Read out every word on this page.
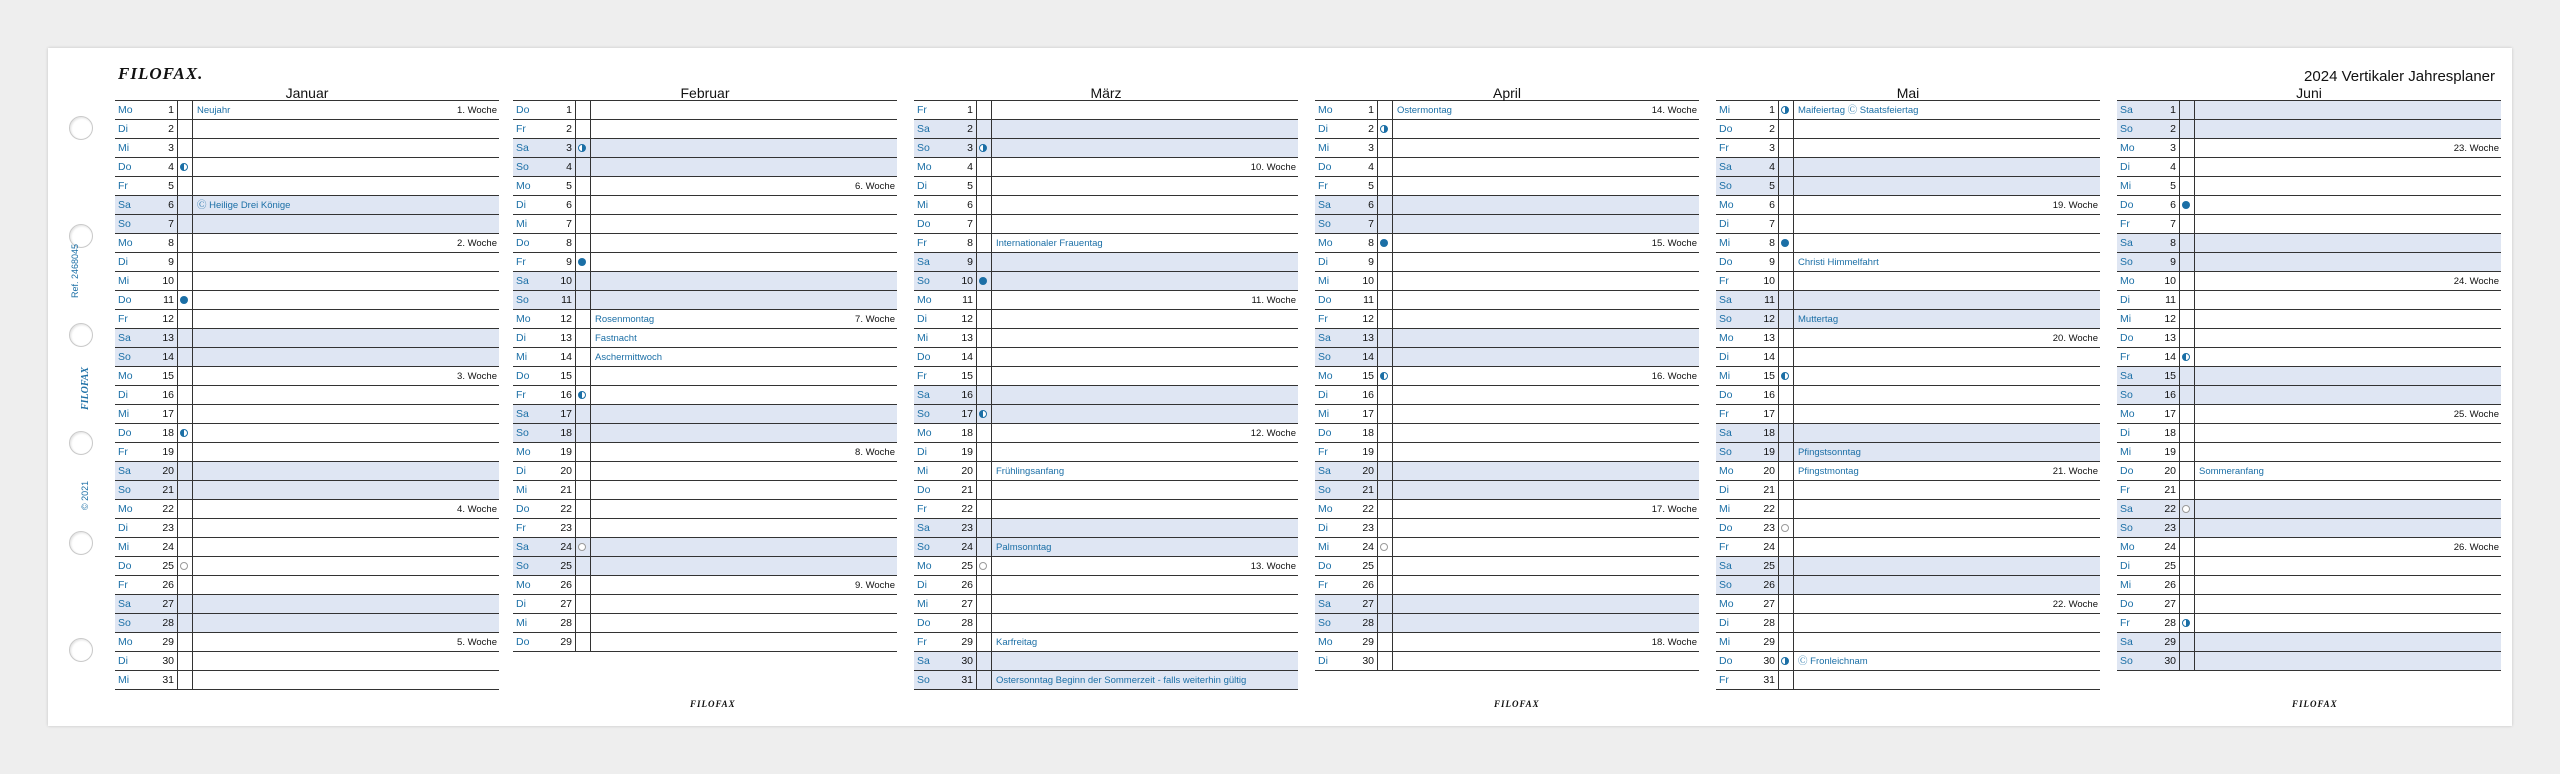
FILOFAX.	2024 Vertikaler Jahresplaner
Ref. 2468045
FILOFAX
© 2021
Januar
Mo	1 Neujahr	1. Woche
Di	2
Mi	3
Do	4
Fr	5
Sa	6 Ⓒ Heilige Drei Könige
So	7
Mo	8	2. Woche
Di	9
Mi	10
Do	11
Fr	12
Sa	13
So	14
Mo	15	3. Woche
Di	16
Mi	17
Do	18
Fr	19
Sa	20
So	21
Mo	22	4. Woche
Di	23
Mi	24
Do	25
Fr	26
Sa	27
So	28
Mo	29	5. Woche
Di	30
Mi	31
Februar
Do	1
Fr	2
Sa	3
So	4
Mo	5	6. Woche
Di	6
Mi	7
Do	8
Fr	9
Sa	10
So	11
Mo	12 Rosenmontag	7. Woche
Di	13 Fastnacht
Mi	14 Aschermittwoch
Do	15
Fr	16
Sa	17
So	18
Mo	19	8. Woche
Di	20
Mi	21
Do	22
Fr	23
Sa	24
So	25
Mo	26	9. Woche
Di	27
Mi	28
Do	29
März
Fr	1
Sa	2
So	3
Mo	4	10. Woche
Di	5
Mi	6
Do	7
Fr	8 Internationaler Frauentag
Sa	9
So	10
Mo	11	11. Woche
Di	12
Mi	13
Do	14
Fr	15
Sa	16
So	17
Mo	18	12. Woche
Di	19
Mi	20 Frühlingsanfang
Do	21
Fr	22
Sa	23
So	24 Palmsonntag
Mo	25	13. Woche
Di	26
Mi	27
Do	28
Fr	29 Karfreitag
Sa	30
So	31 Ostersonntag Beginn der Sommerzeit - falls weiterhin gültig
April
Mo	1 Ostermontag	14. Woche
Di	2
Mi	3
Do	4
Fr	5
Sa	6
So	7
Mo	8	15. Woche
Di	9
Mi	10
Do	11
Fr	12
Sa	13
So	14
Mo	15	16. Woche
Di	16
Mi	17
Do	18
Fr	19
Sa	20
So	21
Mo	22	17. Woche
Di	23
Mi	24
Do	25
Fr	26
Sa	27
So	28
Mo	29	18. Woche
Di	30
Mai
Mi	1 Maifeiertag Ⓒ Staatsfeiertag
Do	2
Fr	3
Sa	4
So	5
Mo	6	19. Woche
Di	7
Mi	8
Do	9 Christi Himmelfahrt
Fr	10
Sa	11
So	12 Muttertag
Mo	13	20. Woche
Di	14
Mi	15
Do	16
Fr	17
Sa	18
So	19 Pfingstsonntag
Mo	20 Pfingstmontag	21. Woche
Di	21
Mi	22
Do	23
Fr	24
Sa	25
So	26
Mo	27	22. Woche
Di	28
Mi	29
Do	30 Ⓒ Fronleichnam
Fr	31
Juni
Sa	1
So	2
Mo	3	23. Woche
Di	4
Mi	5
Do	6
Fr	7
Sa	8
So	9
Mo	10	24. Woche
Di	11
Mi	12
Do	13
Fr	14
Sa	15
So	16
Mo	17	25. Woche
Di	18
Mi	19
Do	20 Sommeranfang
Fr	21
Sa	22
So	23
Mo	24	26. Woche
Di	25
Mi	26
Do	27
Fr	28
Sa	29
So	30
FILOFAX	FILOFAX	FILOFAX
